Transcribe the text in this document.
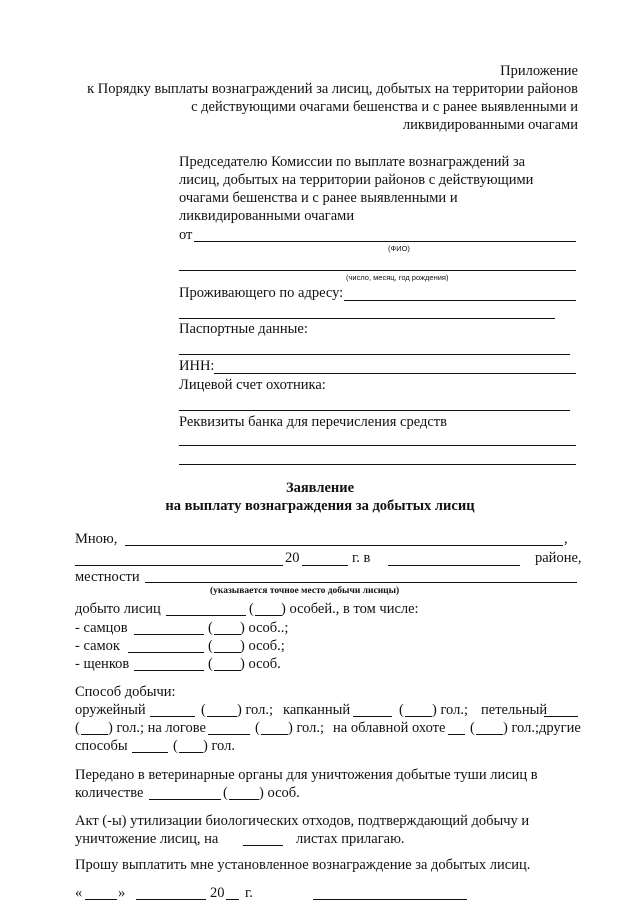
Приложение
к Порядку выплаты вознаграждений за лисиц, добытых на территории районов
с действующими очагами бешенства и с ранее выявленными и
ликвидированными очагами
Председателю Комиссии по выплате вознаграждений за
лисиц, добытых на территории районов с действующими
очагами бешенства и с ранее выявленными и
ликвидированными очагами
от
(ФИО)
(число, месяц, год рождения)
Проживающего по адресу:
Паспортные данные:
ИНН:
Лицевой счет охотника:
Реквизиты банка для перечисления средств
Заявление
на выплату вознаграждения за добытых лисиц
Мною,	,
20	г. в	районе,
местности
(указывается точное место добычи лисицы)
добыто лисиц	( ) особей., в том числе:
- самцов	( ) особ..;
- самок	( ) особ.;
- щенков	( ) особ.
Способ добычи:
оружейный	( ) гол.; капканный	( ) гол.; петельный
( ) гол.; на логове	( ) гол.; на облавной охоте ( ) гол.; другие
способы	( ) гол.
Передано в ветеринарные органы для уничтожения добытые туши лисиц в
количестве	( ) особ.
Акт (-ы) утилизации биологических отходов, подтверждающий добычу и
уничтожение лисиц, на	листах прилагаю.
Прошу выплатить мне установленное вознаграждение за добытых лисиц.
« »	20 г.
